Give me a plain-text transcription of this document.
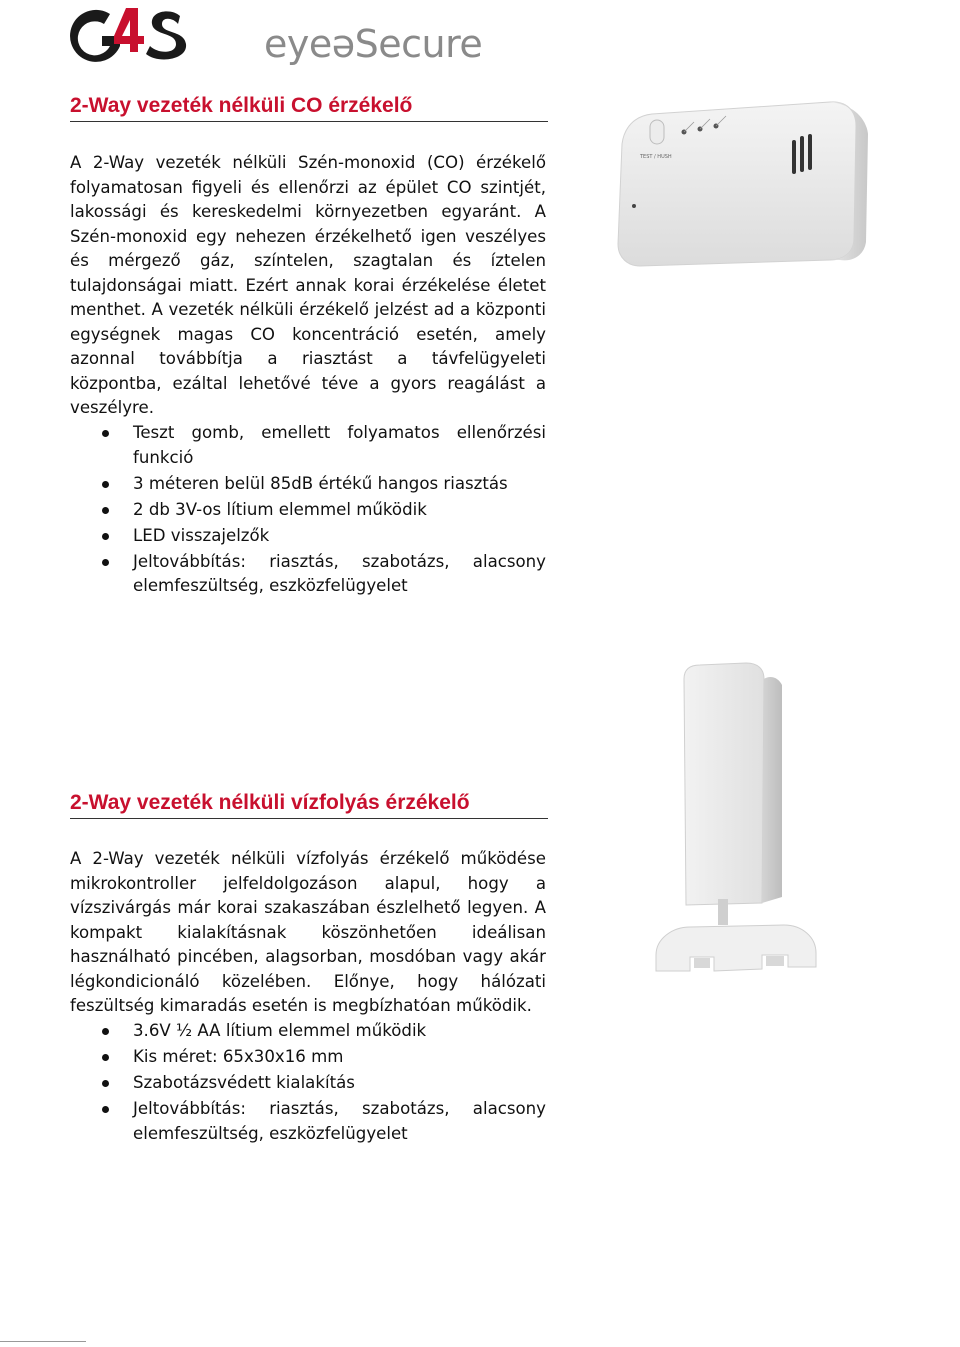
eyeəSecure
2-Way vezeték nélküli CO érzékelő

A 2-Way vezeték nélküli Szén-monoxid (CO) érzékelő folyamatosan figyeli és ellenőrzi az épület CO szintjét, lakossági és kereskedelmi környezetben egyaránt. A Szén-monoxid egy nehezen érzékelhető igen veszélyes és mérgező gáz, színtelen, szagtalan és íztelen tulajdonságai miatt. Ezért annak korai érzékelése életet menthet. A vezeték nélküli érzékelő jelzést ad a központi egységnek magas CO koncentráció esetén, amely azonnal továbbítja a riasztást a távfelügyeleti központba, ezáltal lehetővé téve a gyors reagálást a veszélyre.

Teszt gomb, emellett folyamatos ellenőrzési funkció
3 méteren belül 85dB értékű hangos riasztás
2 db 3V-os lítium elemmel működik
LED visszajelzők
Jeltovábbítás: riasztás, szabotázs, alacsony elemfeszültség, eszközfelügyelet
TEST / HUSH
2-Way vezeték nélküli vízfolyás érzékelő

A 2-Way vezeték nélküli vízfolyás érzékelő működése mikrokontroller jelfeldolgozáson alapul, hogy a vízszivárgás már korai szakaszában észlelhető legyen. A kompakt kialakításnak köszönhetően ideálisan használható pincében, alagsorban, mosdóban vagy akár légkondicionáló közelében. Előnye, hogy hálózati feszültség kimaradás esetén is megbízhatóan működik.

3.6V ½ AA lítium elemmel működik
Kis méret: 65x30x16 mm
Szabotázsvédett kialakítás
Jeltovábbítás: riasztás, szabotázs, alacsony elemfeszültség, eszközfelügyelet
